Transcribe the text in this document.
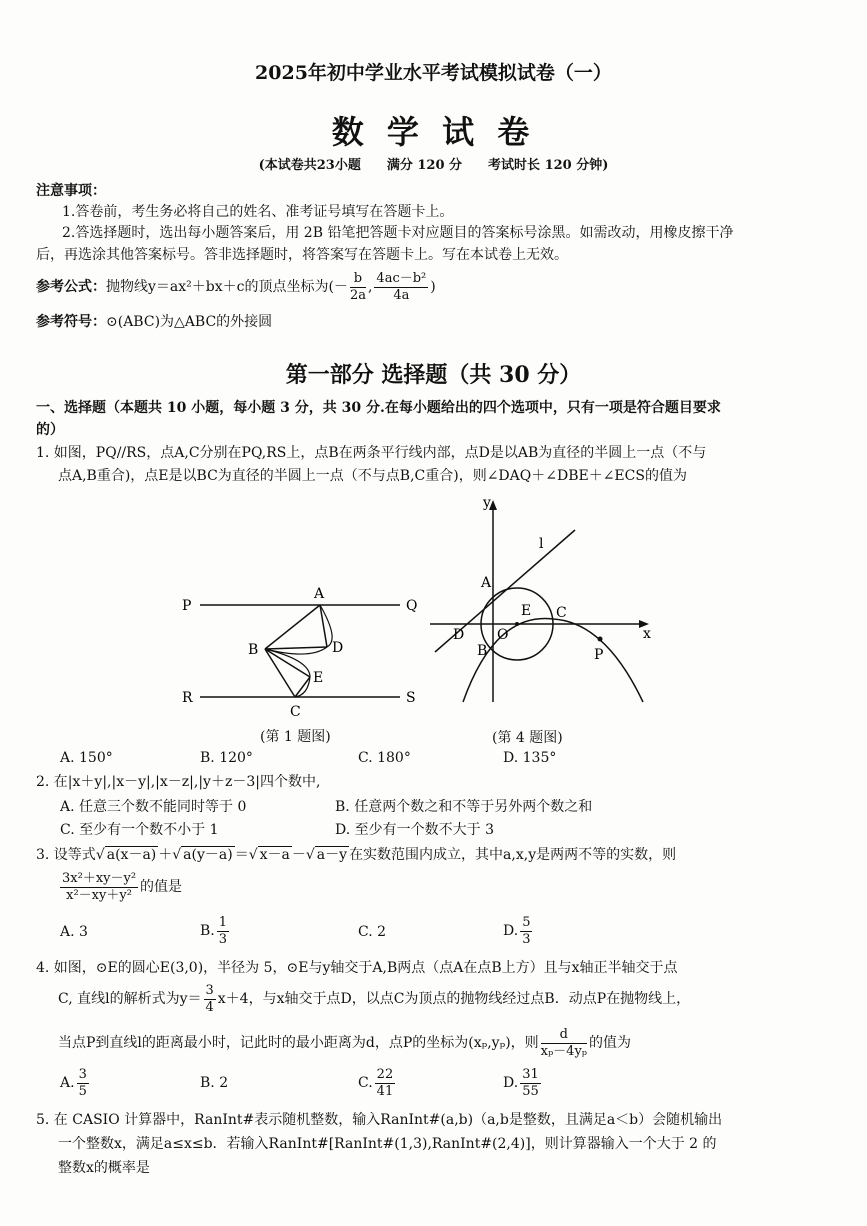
2025年初中学业水平考试模拟试卷（一）
数 学 试 卷
(本试卷共23小题　　满分 120 分　　考试时长 120 分钟)
注意事项：
1.答卷前，考生务必将自己的姓名、准考证号填写在答题卡上。
2.答选择题时，选出每小题答案后，用 2B 铅笔把答题卡对应题目的答案标号涂黑。如需改动，用橡皮擦干净
后，再选涂其他答案标号。答非选择题时，将答案写在答题卡上。写在本试卷上无效。
参考公式：抛物线y＝ax²＋bx＋c的顶点坐标为(－ $\frac{b}{2a}$ , $\frac{\text{4ac－b²}}{4a}$ )
参考符号：⊙(ABC)为△ABC的外接圆
第一部分 选择题（共 30 分）
一、选择题（本题共 10 小题，每小题 3 分，共 30 分.在每小题给出的四个选项中，只有一项是符合题目要求
的）
1. 如图，PQ//RS，点A,C分别在PQ,RS上，点B在两条平行线内部，点D是以AB为直径的半圆上一点（不与
点A,B重合)，点E是以BC为直径的半圆上一点（不与点B,C重合)，则∠DAQ＋∠DBE＋∠ECS的值为
P	Q
R	S
A
B
C
D
E
(第 1 题图)
y
x
l
A
B
C
D
E
O
P
(第 4 题图)
A. 150°	B. 120°	C. 180°	D. 135°
2. 在|x＋y|,|x－y|,|x－z|,|y＋z－3|四个数中,
A. 任意三个数不能同时等于 0	B. 任意两个数之和不等于另外两个数之和
C. 至少有一个数不小于 1	D. 至少有一个数不大于 3
3. 设等式√ a(x－a) ＋√ a(y－a) ＝√ x－a －√ a－y 在实数范围内成立，其中a,x,y是两两不等的实数，则
$\frac{\text{3x²＋xy－y²}}{\text{x²－xy＋y²}}$ 的值是
A. 3	B. $\frac{1}{3}$	C. 2	D. $\frac{5}{3}$
4. 如图，⊙E的圆心E(3,0)，半径为 5，⊙E与y轴交于A,B两点（点A在点B上方）且与x轴正半轴交于点
C, 直线l的解析式为$y= \frac{3}{4} x+4$，与x轴交于点D，以点C为顶点的抛物线经过点B．动点P在抛物线上，
当点P到直线l的距离最小时，记此时的最小距离为d，点P的坐标为(xₚ,yₚ)，则 $\frac{d}{\text{xₚ－4yₚ}}$ 的值为
A. $\frac{3}{5}$	B. 2	C. $\frac{22}{41}$	D. $\frac{31}{55}$
5. 在 CASIO 计算器中，RanInt#表示随机整数，输入RanInt#(a,b)（a,b是整数，且满足a＜b）会随机输出
一个整数x，满足a≤x≤b．若输入RanInt#[RanInt#(1,3),RanInt#(2,4)]，则计算器输入一个大于 2 的
整数x的概率是
